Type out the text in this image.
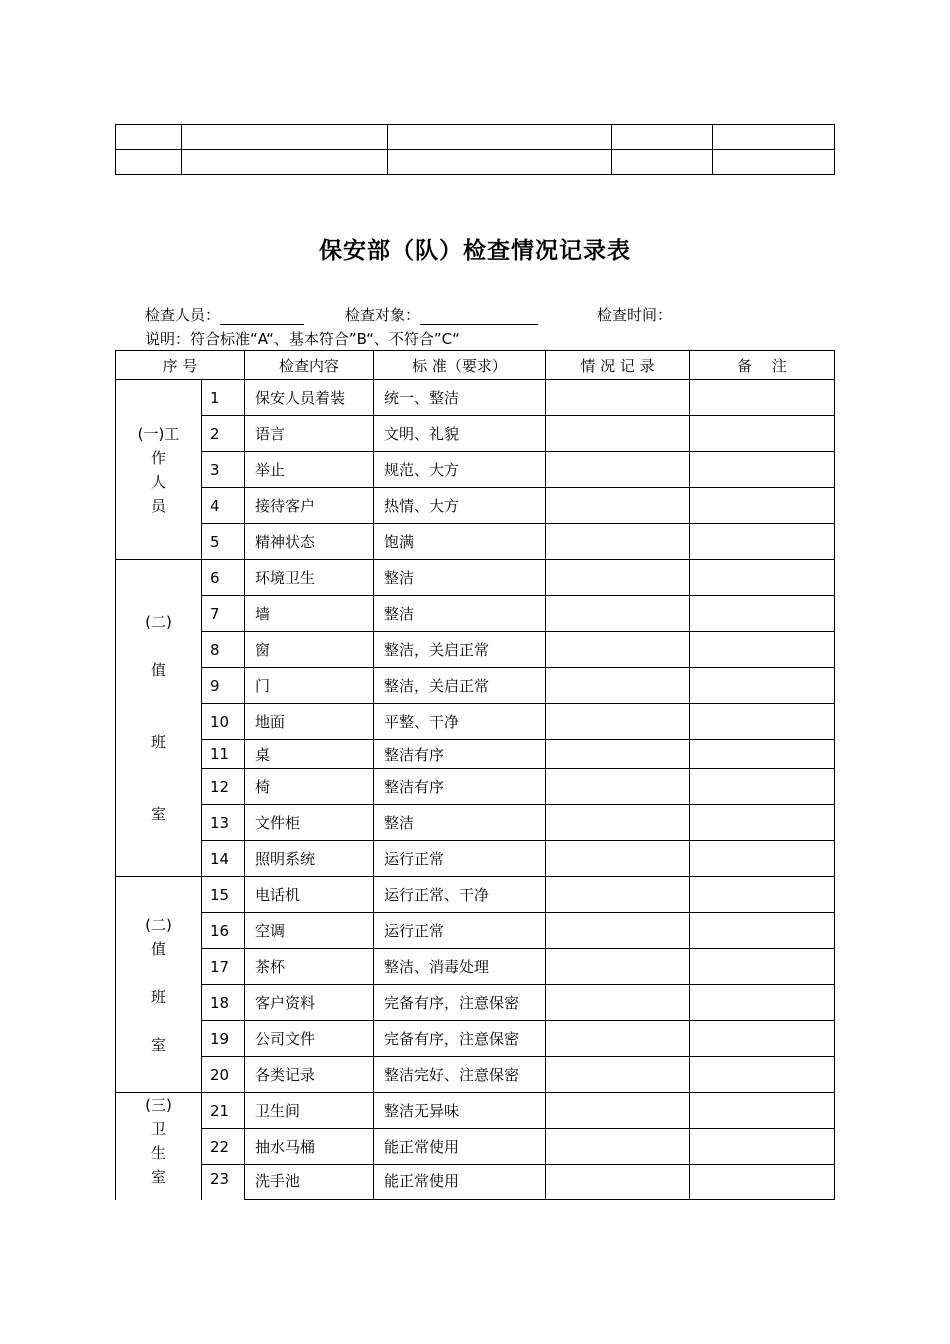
保安部（队）检查情况记录表
检查人员：	检查对象：	检查时间：
说明：符合标准“A“、基本符合”B“、不符合”C“
序 号		检查内容	标 准（要求）	情 况 记 录	备　 注
(一)工
作
人
员	1	保安人员着装	统一、整洁		
	2	语言	文明、礼貌		
	3	举止	规范、大方		
	4	接待客户	热情、大方		
	5	精神状态	饱满		
(二)

值

班

室	6	环境卫生	整洁		
	7	墙	整洁		
	8	窗	整洁，关启正常		
	9	门	整洁，关启正常		
	10	地面	平整、干净		
	11	桌	整洁有序		
	12	椅	整洁有序		
	13	文件柜	整洁		
	14	照明系统	运行正常		
(二)
值

班

室	15	电话机	运行正常、干净		
	16	空调	运行正常		
	17	茶杯	整洁、消毒处理		
	18	客户资料	完备有序，注意保密		
	19	公司文件	完备有序，注意保密		
	20	各类记录	整洁完好、注意保密		
(三)
卫
生
室	21	卫生间	整洁无异味		
	22	抽水马桶	能正常使用		
	23	洗手池	能正常使用		
